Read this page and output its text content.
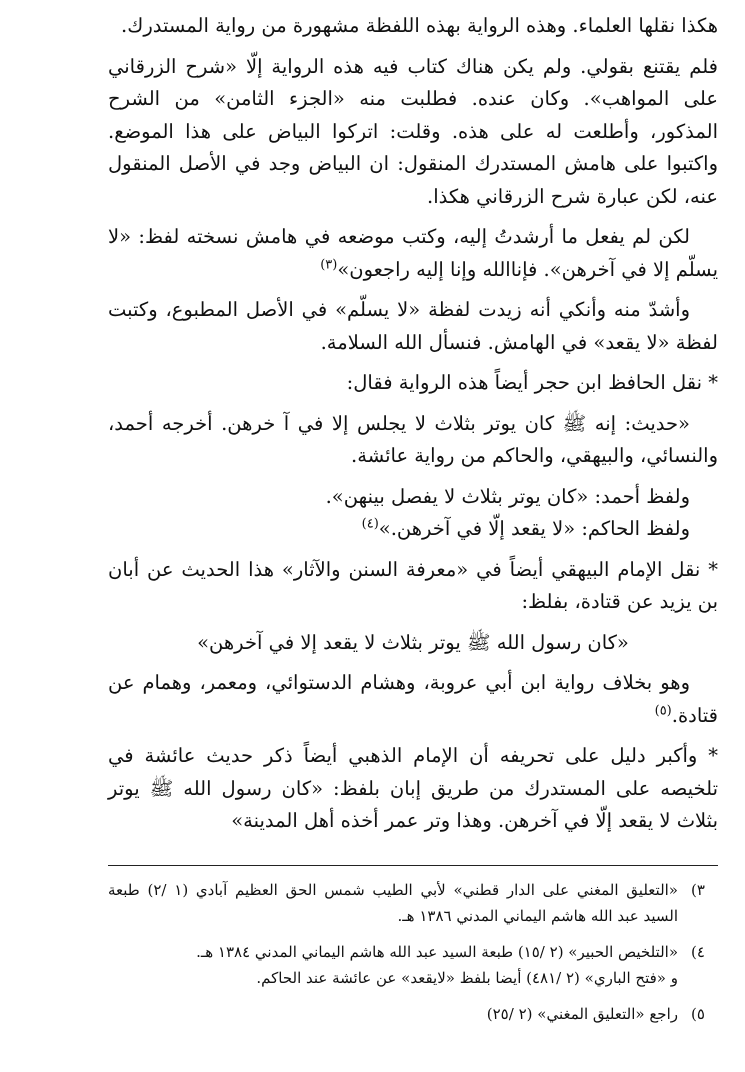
هكذا نقلها العلماء. وهذه الرواية بهذه اللفظة مشهورة من رواية المستدرك.

فلم يقتنع بقولي. ولم يكن هناك كتاب فيه هذه الرواية إلّا «شرح الزرقاني على المواهب». وكان عنده. فطلبت منه «الجزء الثامن» من الشرح المذكور، وأطلعت له على هذه. وقلت: اتركوا البياض على هذا الموضع. واكتبوا على هامش المستدرك المنقول: ان البياض وجد في الأصل المنقول عنه، لكن عبارة شرح الزرقاني هكذا.

لكن لم يفعل ما أرشدتُ إليه، وكتب موضعه في هامش نسخته لفظ: «لا يسلّم إلا في آخرهن». فإناالله وإنا إليه راجعون»$^{(٣)}$

وأشدّ منه وأنكي أنه زيدت لفظة «لا يسلّم» في الأصل المطبوع، وكتبت لفظة «لا يقعد» في الهامش. فنسأل الله السلامة.

* نقل الحافظ ابن حجر أيضاً هذه الرواية فقال:

«حديث: إنه ﷺ كان يوتر بثلاث لا يجلس إلا في آ خرهن. أخرجه أحمد، والنسائي، والبيهقي، والحاكم من رواية عائشة.

ولفظ أحمد: «كان يوتر بثلاث لا يفصل بينهن».

ولفظ الحاكم: «لا يقعد إلّا في آخرهن.»$^{(٤)}$

* نقل الإمام البيهقي أيضاً في «معرفة السنن والآثار» هذا الحديث عن أبان بن يزيد عن قتادة، بفلظ:

«كان رسول الله ﷺ يوتر بثلاث لا يقعد إلا في آخرهن»

وهو بخلاف رواية ابن أبي عروبة، وهشام الدستوائي، ومعمر، وهمام عن قتادة.$^{(٥)}$

* وأكبر دليل على تحريفه أن الإمام الذهبي أيضاً ذكر حديث عائشة في تلخيصه على المستدرك من طريق إبان بلفظ: «كان رسول الله ﷺ يوتر بثلاث لا يقعد إلّا في آخرهن. وهذا وتر عمر أخذه أهل المدينة»

٣)
«التعليق المغني على الدار قطني» لأبي الطيب شمس الحق العظيم آبادي (١ /٢) طبعة السيد عبد الله هاشم اليماني المدني ١٣٨٦ هـ.
٤)
«التلخيص الحبير» (٢ /١٥) طبعة السيد عبد الله هاشم اليماني المدني ١٣٨٤ هـ.
و «فتح الباري» (٢ /٤٨١) أيضا بلفظ «لايقعد» عن عائشة عند الحاكم.
٥)
راجع «التعليق المغني» (٢ /٢٥)
